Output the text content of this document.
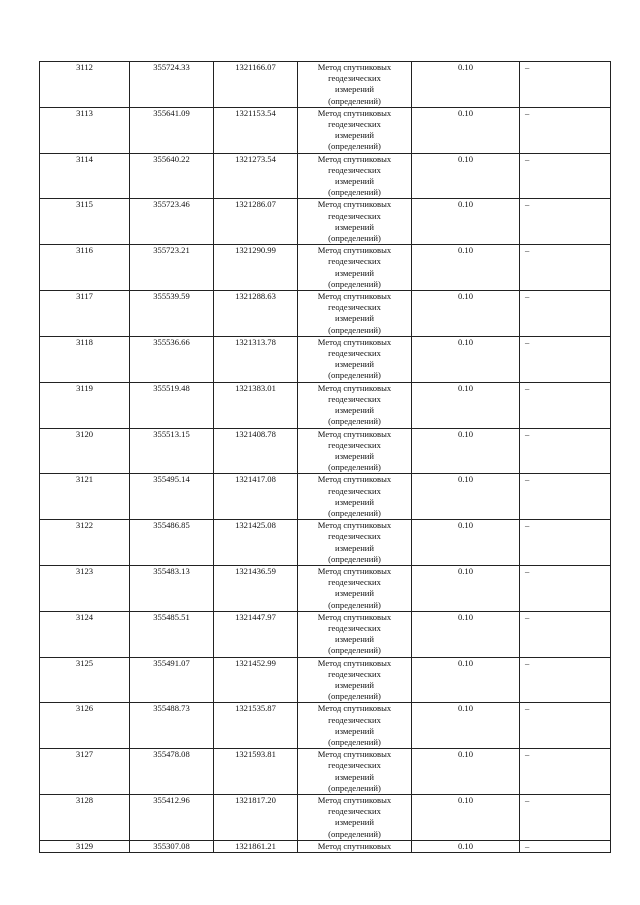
3112	355724.33	1321166.07	Метод спутниковых
геодезических
измерений
(определений)	0.10	–
3113	355641.09	1321153.54	Метод спутниковых
геодезических
измерений
(определений)	0.10	–
3114	355640.22	1321273.54	Метод спутниковых
геодезических
измерений
(определений)	0.10	–
3115	355723.46	1321286.07	Метод спутниковых
геодезических
измерений
(определений)	0.10	–
3116	355723.21	1321290.99	Метод спутниковых
геодезических
измерений
(определений)	0.10	–
3117	355539.59	1321288.63	Метод спутниковых
геодезических
измерений
(определений)	0.10	–
3118	355536.66	1321313.78	Метод спутниковых
геодезических
измерений
(определений)	0.10	–
3119	355519.48	1321383.01	Метод спутниковых
геодезических
измерений
(определений)	0.10	–
3120	355513.15	1321408.78	Метод спутниковых
геодезических
измерений
(определений)	0.10	–
3121	355495.14	1321417.08	Метод спутниковых
геодезических
измерений
(определений)	0.10	–
3122	355486.85	1321425.08	Метод спутниковых
геодезических
измерений
(определений)	0.10	–
3123	355483.13	1321436.59	Метод спутниковых
геодезических
измерений
(определений)	0.10	–
3124	355485.51	1321447.97	Метод спутниковых
геодезических
измерений
(определений)	0.10	–
3125	355491.07	1321452.99	Метод спутниковых
геодезических
измерений
(определений)	0.10	–
3126	355488.73	1321535.87	Метод спутниковых
геодезических
измерений
(определений)	0.10	–
3127	355478.08	1321593.81	Метод спутниковых
геодезических
измерений
(определений)	0.10	–
3128	355412.96	1321817.20	Метод спутниковых
геодезических
измерений
(определений)	0.10	–
3129	355307.08	1321861.21	Метод спутниковых	0.10	–
